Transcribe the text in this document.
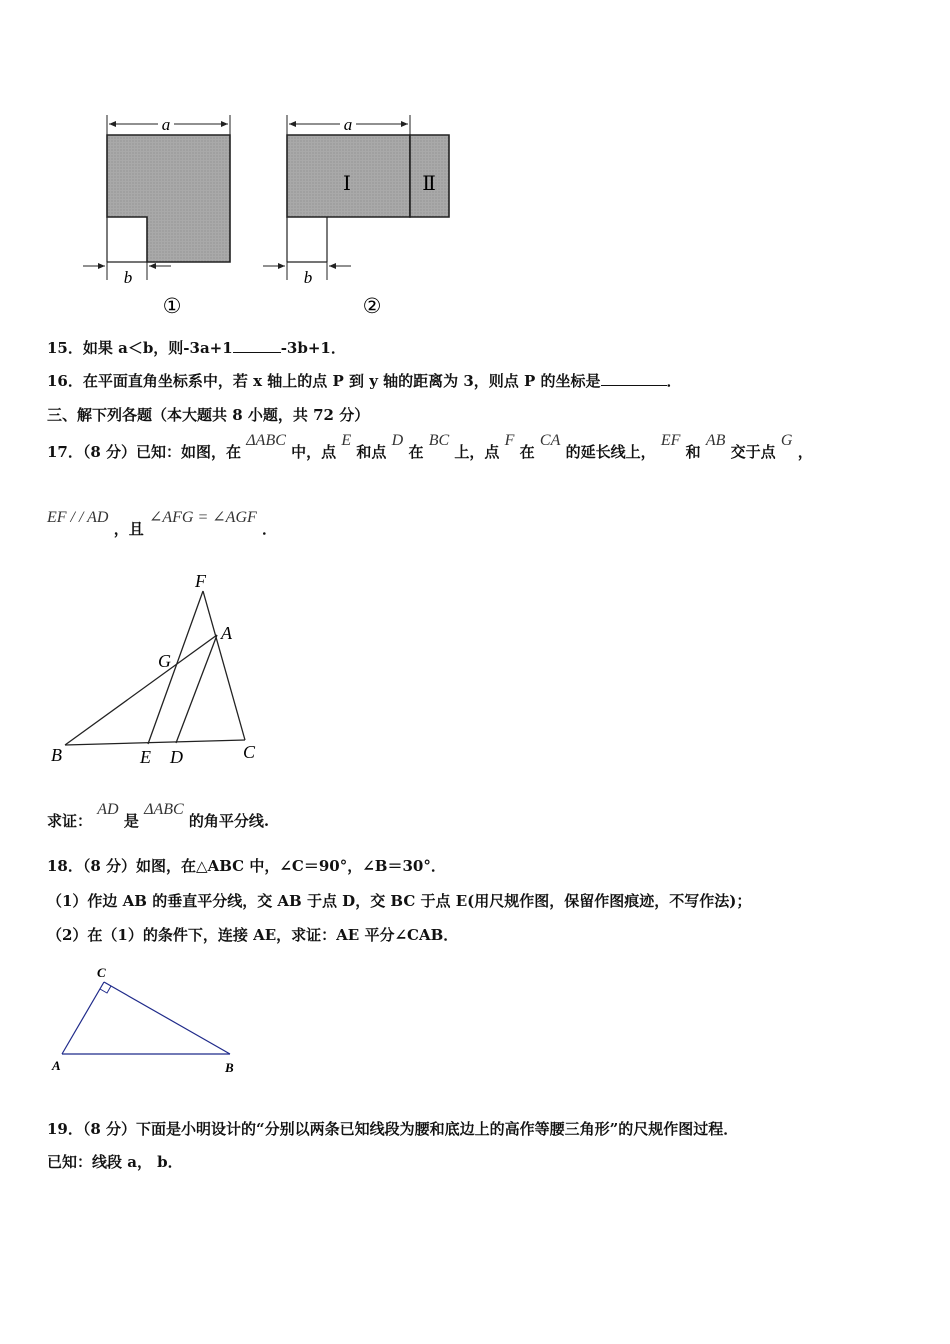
a
b
①
a
Ⅰ	Ⅱ
b
②
15．如果 a＜b，则-3a+1	-3b+1．
16．在平面直角坐标系中，若 x 轴上的点 P 到 y 轴的距离为 3，则点 P 的坐标是	．
三、解下列各题（本大题共 8 小题，共 72 分）
17．（8 分）已知：如图，在 ΔABC 中，点 E 和点 D 在 BC 上，点 F 在 CA 的延长线上， EF 和 AB 交于点 G ，
EF / / AD ，且 ∠AFG = ∠AGF ．
F
A
G
B	E D	C
求证： AD 是 ΔABC 的角平分线.
18．（8 分）如图，在△ABC 中，∠C＝90°，∠B＝30°．
（1）作边 AB 的垂直平分线，交 AB 于点 D，交 BC 于点 E(用尺规作图，保留作图痕迹，不写作法)；
（2）在（1）的条件下，连接 AE，求证：AE 平分∠CAB．
C
A	B
19．（8 分）下面是小明设计的“分别以两条已知线段为腰和底边上的高作等腰三角形”的尺规作图过程．
已知：线段 a， b．
